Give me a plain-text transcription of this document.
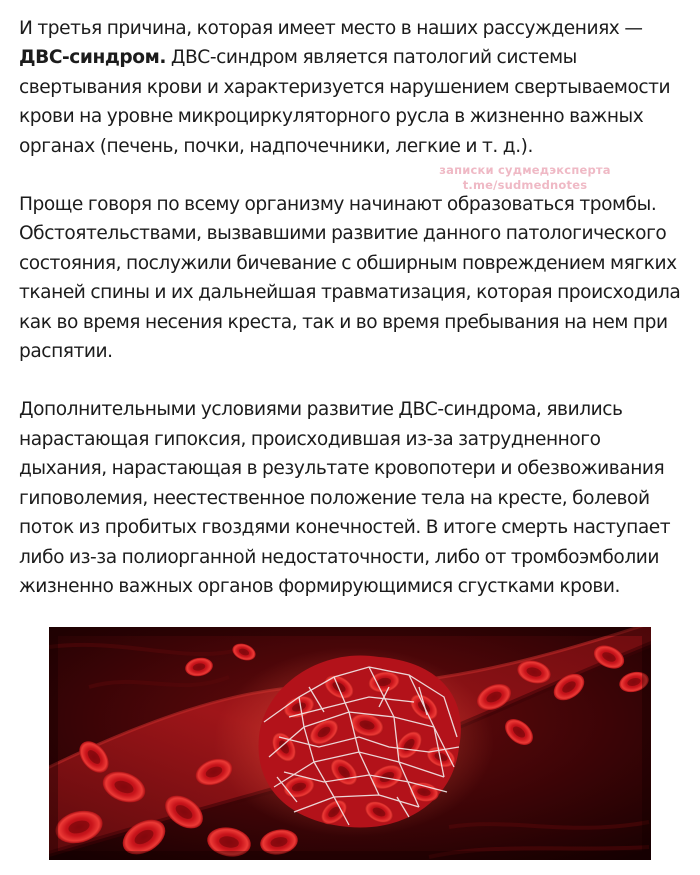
И третья причина, которая имеет место в наших рассуждениях — ДВС-синдром. ДВС-синдром является патологий системы свертывания крови и характеризуется нарушением свертываемости крови на уровне микроциркуляторного русла в жизненно важных органах (печень, почки, надпочечники, легкие и т. д.).

Проще говоря по всему организму начинают образоваться тромбы. Обстоятельствами, вызвавшими развитие данного патологического состояния, послужили бичевание с обширным повреждением мягких тканей спины и их дальнейшая травматизация, которая происходила как во время несения креста, так и во время пребывания на нем при распятии.

Дополнительными условиями развитие ДВС-синдрома, явились нарастающая гипоксия, происходившая из-за затрудненного дыхания, нарастающая в результате кровопотери и обезвоживания гиповолемия, неестественное положение тела на кресте, болевой поток из пробитых гвоздями конечностей. В итоге смерть наступает либо из-за полиорганной недостаточности, либо от тромбоэмболии жизненно важных органов формирующимися сгустками крови.

записки судмедэксперта
t.me/sudmednotes
